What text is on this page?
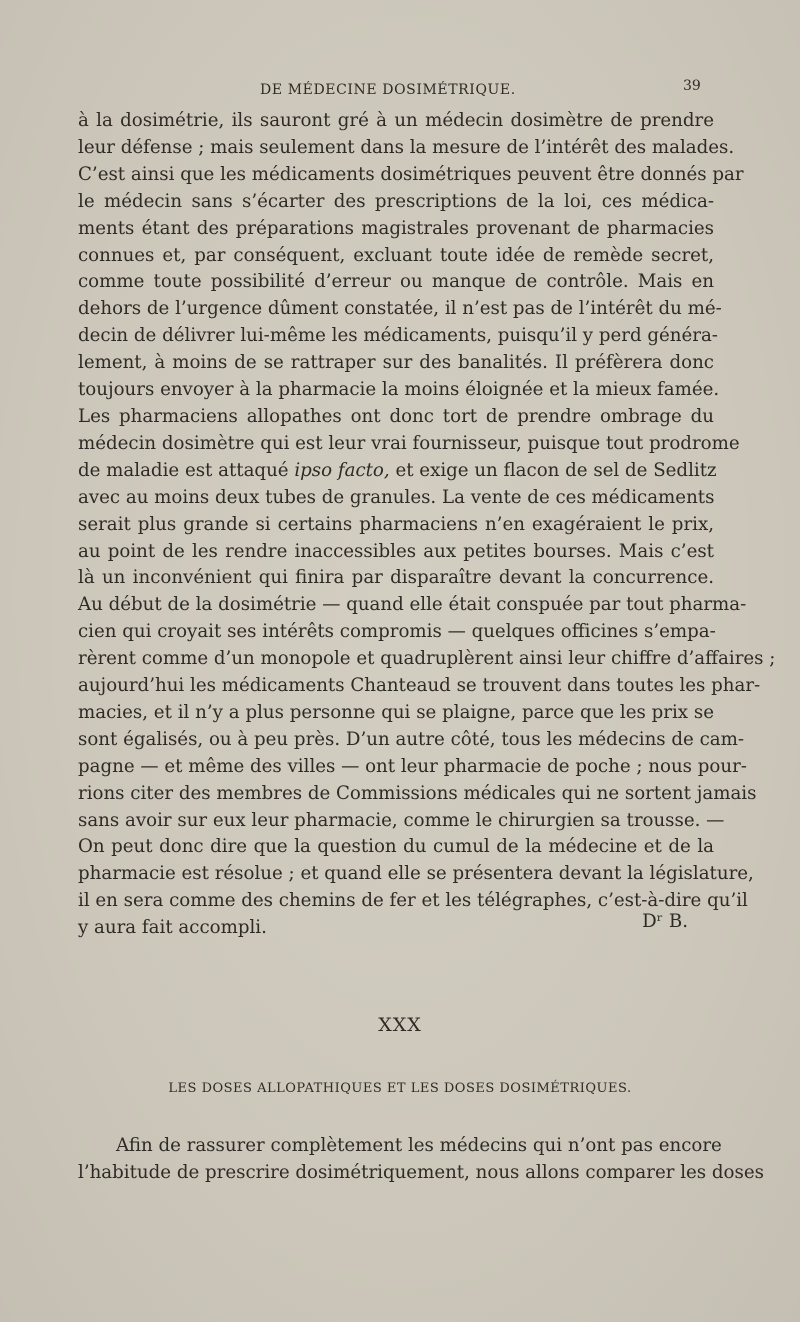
DE MÉDECINE DOSIMÉTRIQUE.	39
à la dosimétrie, ils sauront gré à un médecin dosimètre de prendre
leur défense ; mais seulement dans la mesure de l’intérêt des malades.
C’est ainsi que les médicaments dosimétriques peuvent être donnés par
le médecin sans s’écarter des prescriptions de la loi, ces médica-
ments étant des préparations magistrales provenant de pharmacies
connues et, par conséquent, excluant toute idée de remède secret,
comme toute possibilité d’erreur ou manque de contrôle. Mais en
dehors de l’urgence dûment constatée, il n’est pas de l’intérêt du mé-
decin de délivrer lui-même les médicaments, puisqu’il y perd généra-
lement, à moins de se rattraper sur des banalités. Il préfèrera donc
toujours envoyer à la pharmacie la moins éloignée et la mieux famée.
Les pharmaciens allopathes ont donc tort de prendre ombrage du
médecin dosimètre qui est leur vrai fournisseur, puisque tout prodrome
de maladie est attaqué ipso facto, et exige un flacon de sel de Sedlitz
avec au moins deux tubes de granules. La vente de ces médicaments
serait plus grande si certains pharmaciens n’en exagéraient le prix,
au point de les rendre inaccessibles aux petites bourses. Mais c’est
là un inconvénient qui finira par disparaître devant la concurrence.
Au début de la dosimétrie — quand elle était conspuée par tout pharma-
cien qui croyait ses intérêts compromis — quelques officines s’empa-
rèrent comme d’un monopole et quadruplèrent ainsi leur chiffre d’affaires ;
aujourd’hui les médicaments Chanteaud se trouvent dans toutes les phar-
macies, et il n’y a plus personne qui se plaigne, parce que les prix se
sont égalisés, ou à peu près. D’un autre côté, tous les médecins de cam-
pagne — et même des villes — ont leur pharmacie de poche ; nous pour-
rions citer des membres de Commissions médicales qui ne sortent jamais
sans avoir sur eux leur pharmacie, comme le chirurgien sa trousse. —
On peut donc dire que la question du cumul de la médecine et de la
pharmacie est résolue ; et quand elle se présentera devant la législature,
il en sera comme des chemins de fer et les télégraphes, c’est-à-dire qu’il
y aura fait accompli.	Dʳ B.
XXX
LES DOSES ALLOPATHIQUES ET LES DOSES DOSIMÉTRIQUES.
Afin de rassurer complètement les médecins qui n’ont pas encore
l’habitude de prescrire dosimétriquement, nous allons comparer les doses
